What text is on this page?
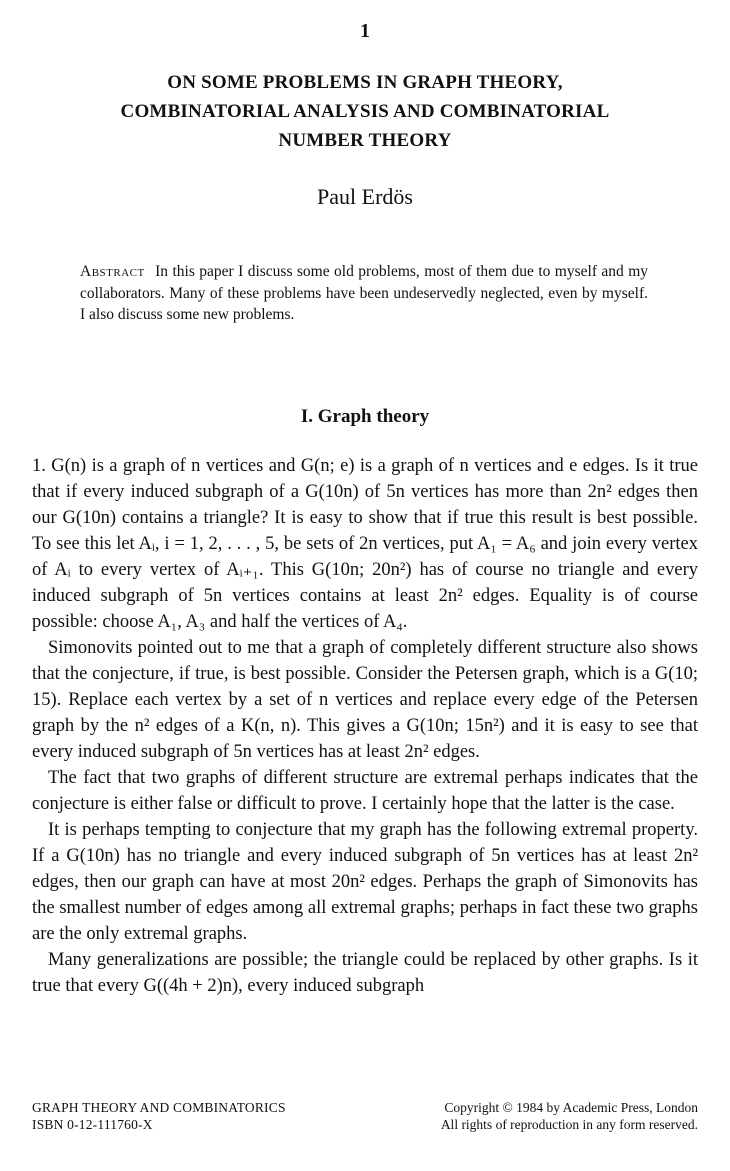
1
ON SOME PROBLEMS IN GRAPH THEORY,
COMBINATORIAL ANALYSIS AND COMBINATORIAL
NUMBER THEORY
Paul Erdös
Abstract In this paper I discuss some old problems, most of them due to myself and my collaborators. Many of these problems have been undeservedly neglected, even by myself. I also discuss some new problems.
I. Graph theory

1. G(n) is a graph of n vertices and G(n; e) is a graph of n vertices and e edges. Is it true that if every induced subgraph of a G(10n) of 5n vertices has more than 2n² edges then our G(10n) contains a triangle? It is easy to show that if true this result is best possible. To see this let Aᵢ, i = 1, 2, . . . , 5, be sets of 2n vertices, put A₁ = A₆ and join every vertex of Aᵢ to every vertex of Aᵢ₊₁. This G(10n; 20n²) has of course no triangle and every induced subgraph of 5n vertices contains at least 2n² edges. Equality is of course possible: choose A₁, A₃ and half the vertices of A₄.

Simonovits pointed out to me that a graph of completely different structure also shows that the conjecture, if true, is best possible. Consider the Petersen graph, which is a G(10; 15). Replace each vertex by a set of n vertices and replace every edge of the Petersen graph by the n² edges of a K(n, n). This gives a G(10n; 15n²) and it is easy to see that every induced subgraph of 5n vertices has at least 2n² edges.

The fact that two graphs of different structure are extremal perhaps indicates that the conjecture is either false or difficult to prove. I certainly hope that the latter is the case.

It is perhaps tempting to conjecture that my graph has the following extremal property. If a G(10n) has no triangle and every induced subgraph of 5n vertices has at least 2n² edges, then our graph can have at most 20n² edges. Perhaps the graph of Simonovits has the smallest number of edges among all extremal graphs; perhaps in fact these two graphs are the only extremal graphs.

Many generalizations are possible; the triangle could be replaced by other graphs. Is it true that every G((4h + 2)n), every induced subgraph

GRAPH THEORY AND COMBINATORICS
ISBN 0-12-111760-X
Copyright © 1984 by Academic Press, London
All rights of reproduction in any form reserved.
